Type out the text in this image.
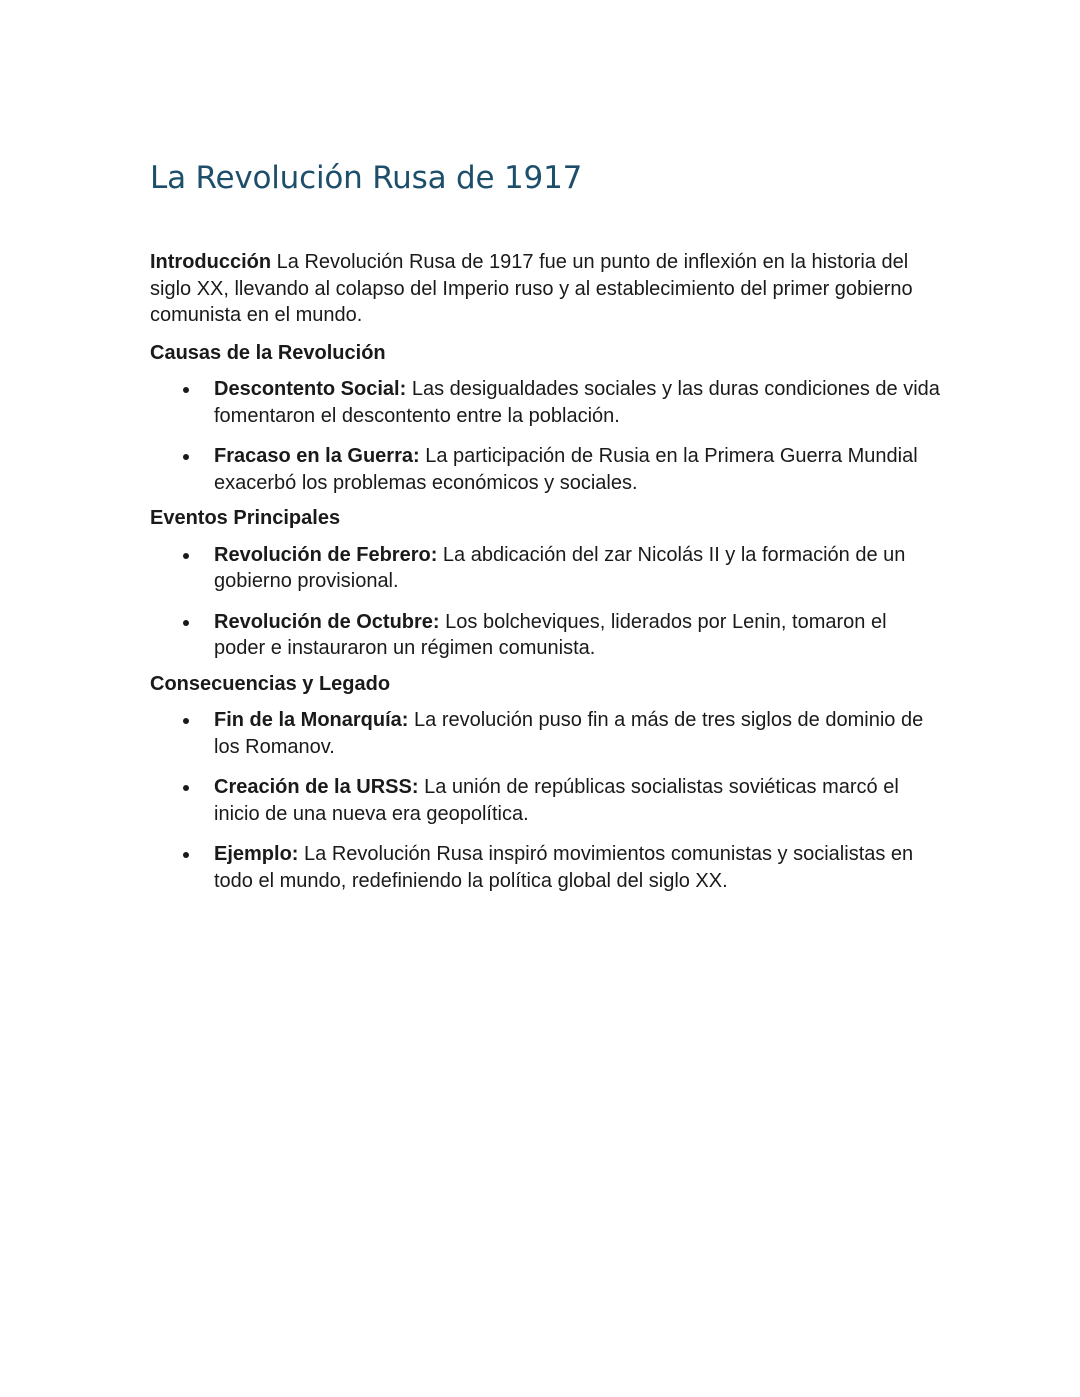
La Revolución Rusa de 1917

Introducción La Revolución Rusa de 1917 fue un punto de inflexión en la historia del siglo XX, llevando al colapso del Imperio ruso y al establecimiento del primer gobierno comunista en el mundo.

Causas de la Revolución
Descontento Social: Las desigualdades sociales y las duras condiciones de vida fomentaron el descontento entre la población.
Fracaso en la Guerra: La participación de Rusia en la Primera Guerra Mundial exacerbó los problemas económicos y sociales.
Eventos Principales
Revolución de Febrero: La abdicación del zar Nicolás II y la formación de un gobierno provisional.
Revolución de Octubre: Los bolcheviques, liderados por Lenin, tomaron el poder e instauraron un régimen comunista.
Consecuencias y Legado
Fin de la Monarquía: La revolución puso fin a más de tres siglos de dominio de los Romanov.
Creación de la URSS: La unión de repúblicas socialistas soviéticas marcó el inicio de una nueva era geopolítica.
Ejemplo: La Revolución Rusa inspiró movimientos comunistas y socialistas en todo el mundo, redefiniendo la política global del siglo XX.
